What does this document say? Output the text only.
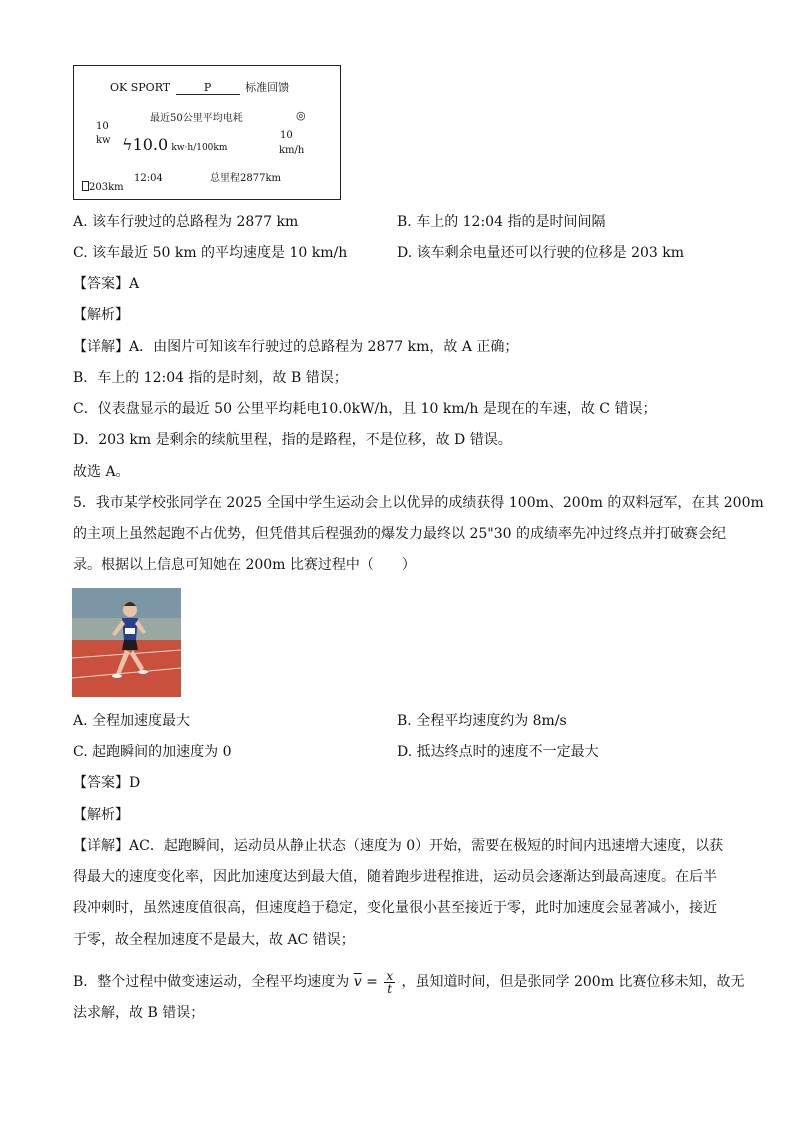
OK SPORT	P	标准回馈
最近50公里平均电耗	◎
10
kw ϟ10.0 kw·h/100km
10
km/h
203km
12:04	总里程2877km
A. 该车行驶过的总路程为 2877 km	B. 车上的 12:04 指的是时间间隔
C. 该车最近 50 km 的平均速度是 10 km/h	D. 该车剩余电量还可以行驶的位移是 203 km
【答案】A
【解析】
【详解】A．由图片可知该车行驶过的总路程为 2877 km，故 A 正确；
B．车上的 12:04 指的是时刻，故 B 错误；
C．仪表盘显示的最近 50 公里平均耗电10.0kW/h，且 10 km/h 是现在的车速，故 C 错误；
D．203 km 是剩余的续航里程，指的是路程，不是位移，故 D 错误。
故选 A。
5．我市某学校张同学在 2025 全国中学生运动会上以优异的成绩获得 100m、200m 的双料冠军，在其 200m
的主项上虽然起跑不占优势，但凭借其后程强劲的爆发力最终以 25"30 的成绩率先冲过终点并打破赛会纪
录。根据以上信息可知她在 200m 比赛过程中（　　）
A. 全程加速度最大	B. 全程平均速度约为 8m/s
C. 起跑瞬间的加速度为 0	D. 抵达终点时的速度不一定最大
【答案】D
【解析】
【详解】AC．起跑瞬间，运动员从静止状态（速度为 0）开始，需要在极短的时间内迅速增大速度，以获
得最大的速度变化率，因此加速度达到最大值，随着跑步进程推进，运动员会逐渐达到最高速度。在后半
段冲刺时，虽然速度值很高，但速度趋于稳定，变化量很小甚至接近于零，此时加速度会显著减小，接近
于零，故全程加速度不是最大，故 AC 错误；
B．整个过程中做变速运动，全程平均速度为 $\overline{v} = \frac{x}{t}$ ，虽知道时间，但是张同学 200m 比赛位移未知，故无
法求解，故 B 错误；
